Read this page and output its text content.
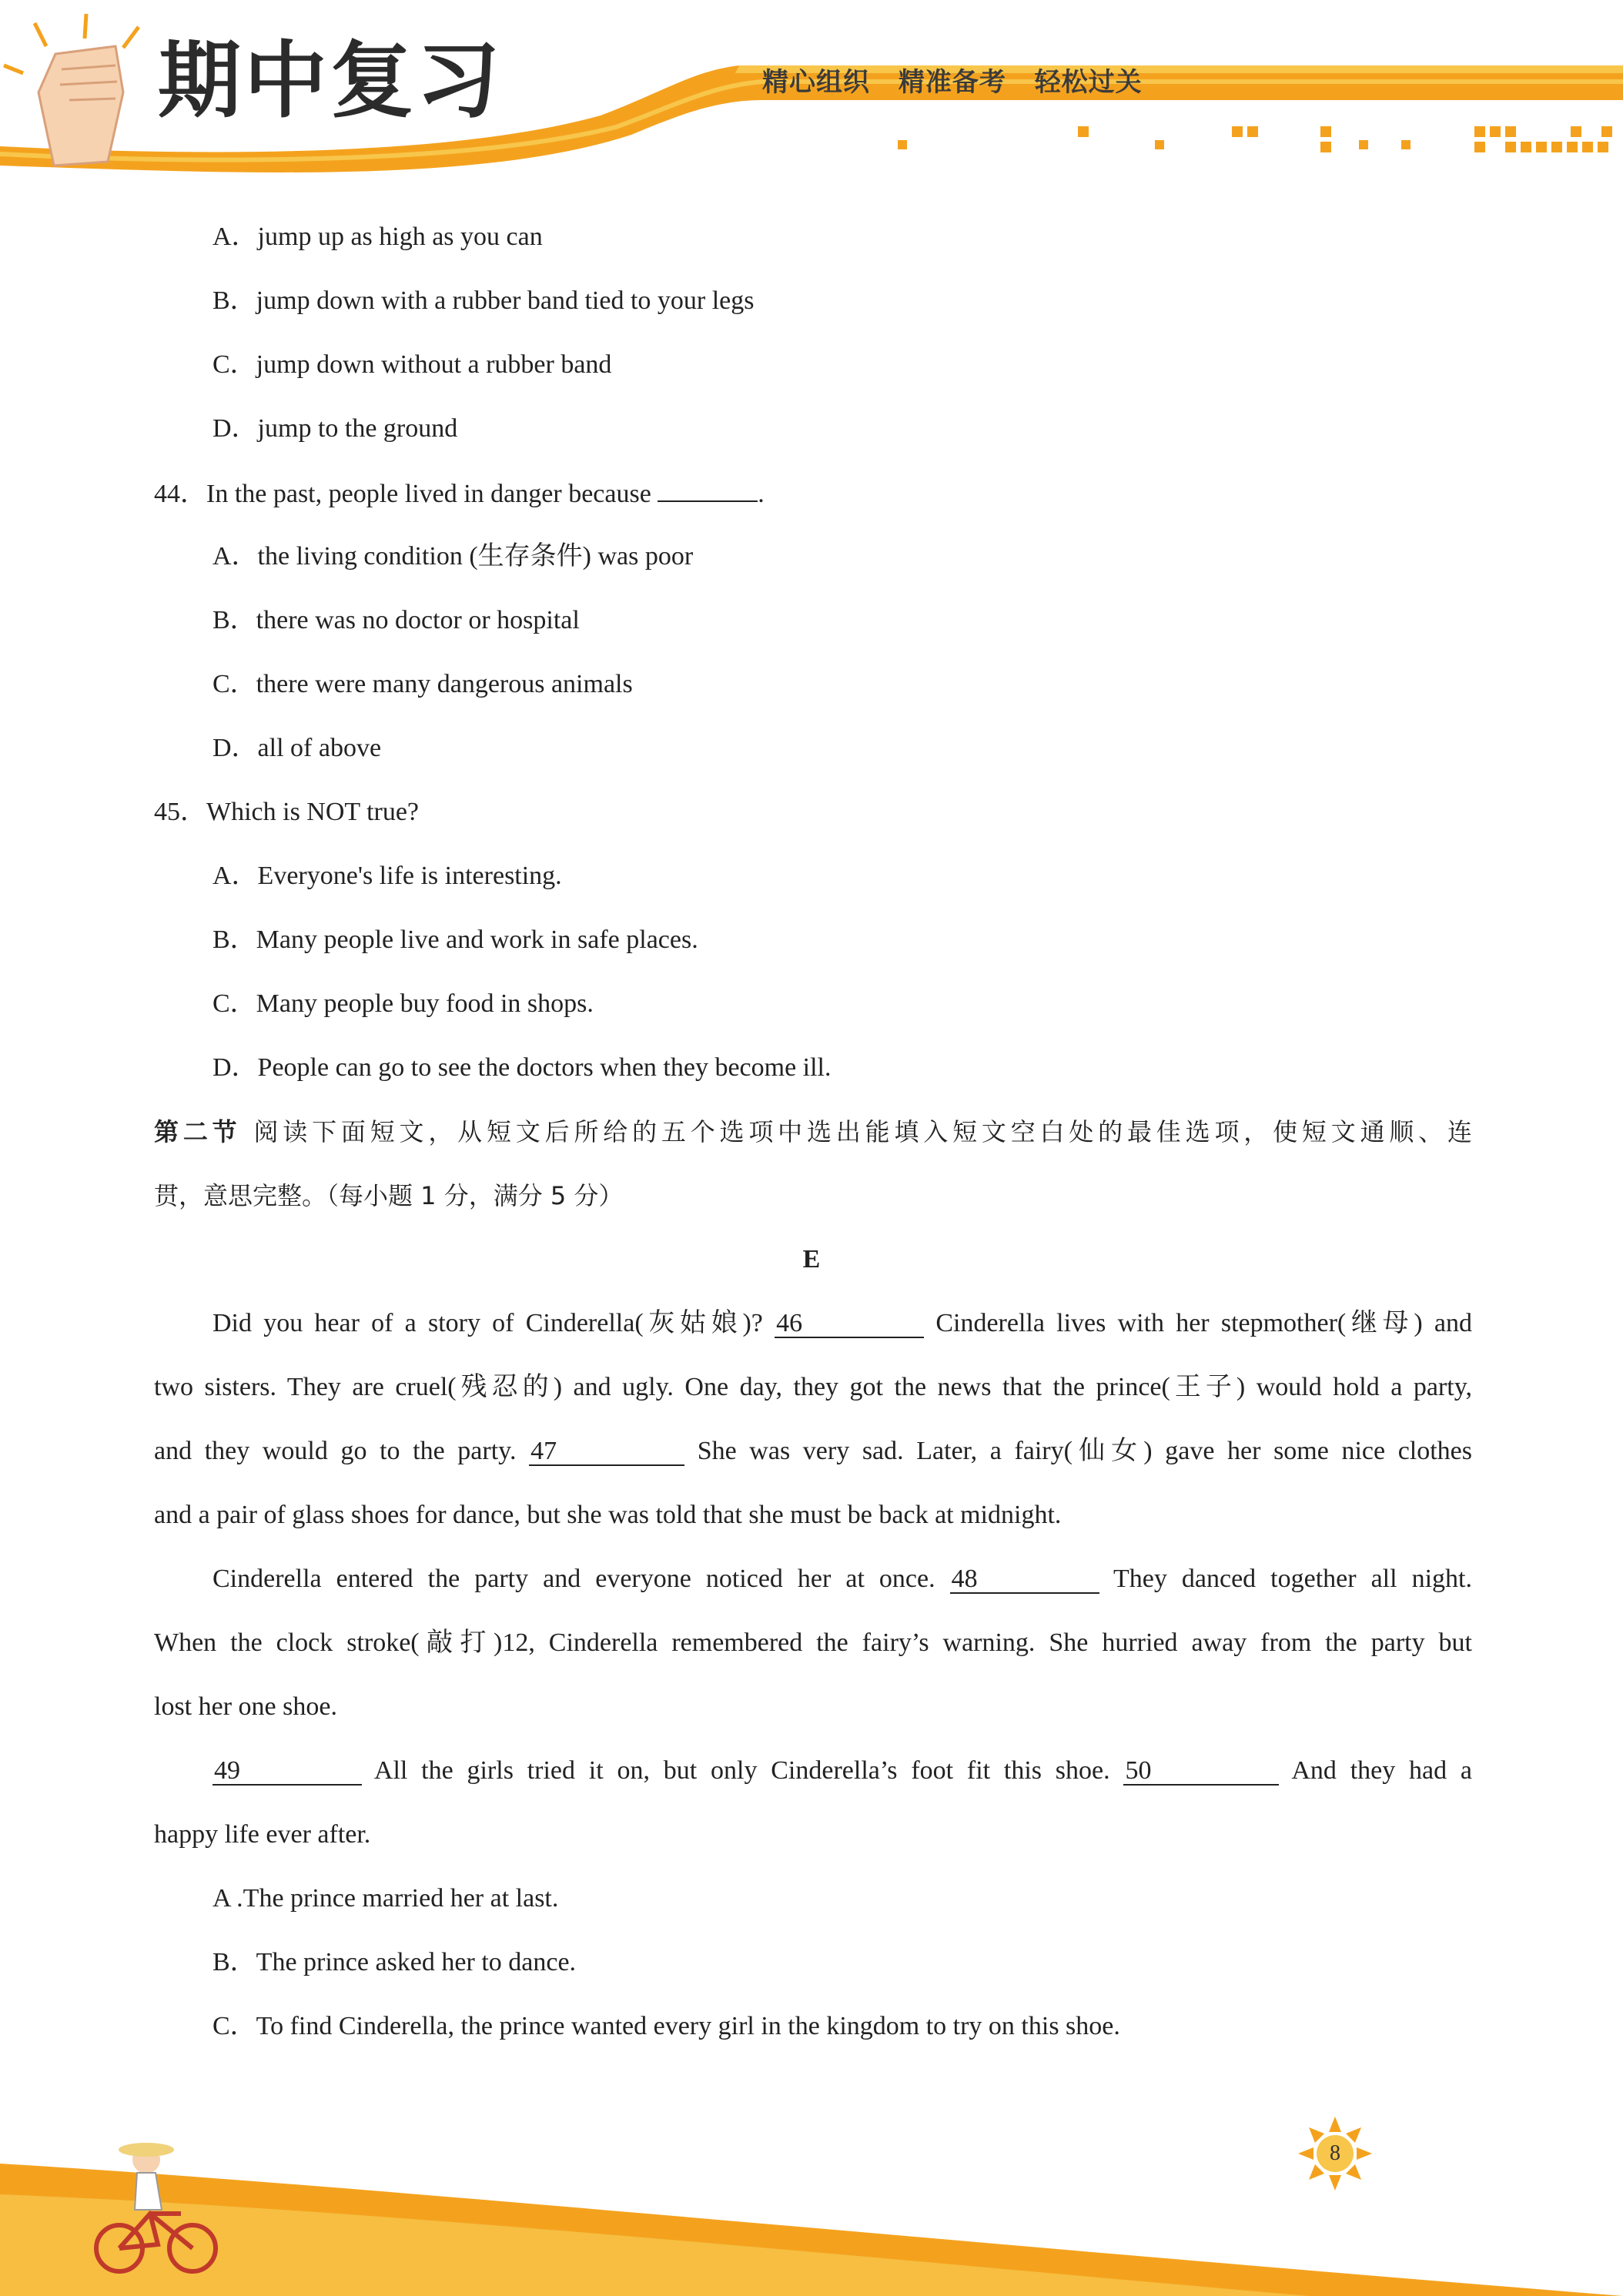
期中复习	精心组织 精准备考 轻松过关
A．jump up as high as you can
B．jump down with a rubber band tied to your legs
C．jump down without a rubber band
D．jump to the ground
44．In the past, people lived in danger because	.
A．the living condition (生存条件) was poor
B．there was no doctor or hospital
C．there were many dangerous animals
D．all of above
45．Which is NOT true?
A．Everyone's life is interesting.
B．Many people live and work in safe places.
C．Many people buy food in shops.
D．People can go to see the doctors when they become ill.
第二节 阅读下面短文，从短文后所给的五个选项中选出能填入短文空白处的最佳选项，使短文通顺、连
贯，意思完整。（每小题 1 分，满分 5 分）
E
Did you hear of a story of Cinderella(灰姑娘)? 46	Cinderella lives with her stepmother(继母) and
two sisters. They are cruel(残忍的) and ugly. One day, they got the news that the prince(王子) would hold a party,
and they would go to the party. 47	She was very sad. Later, a fairy(仙女) gave her some nice clothes
and a pair of glass shoes for dance, but she was told that she must be back at midnight.
Cinderella entered the party and everyone noticed her at once. 48	They danced together all night.
When the clock stroke(敲打)12, Cinderella remembered the fairy’s warning. She hurried away from the party but
lost her one shoe.
49	All the girls tried it on, but only Cinderella’s foot fit this shoe. 50	And they had a
happy life ever after.
A .The prince married her at last.
B．The prince asked her to dance.
C．To find Cinderella, the prince wanted every girl in the kingdom to try on this shoe.
8
